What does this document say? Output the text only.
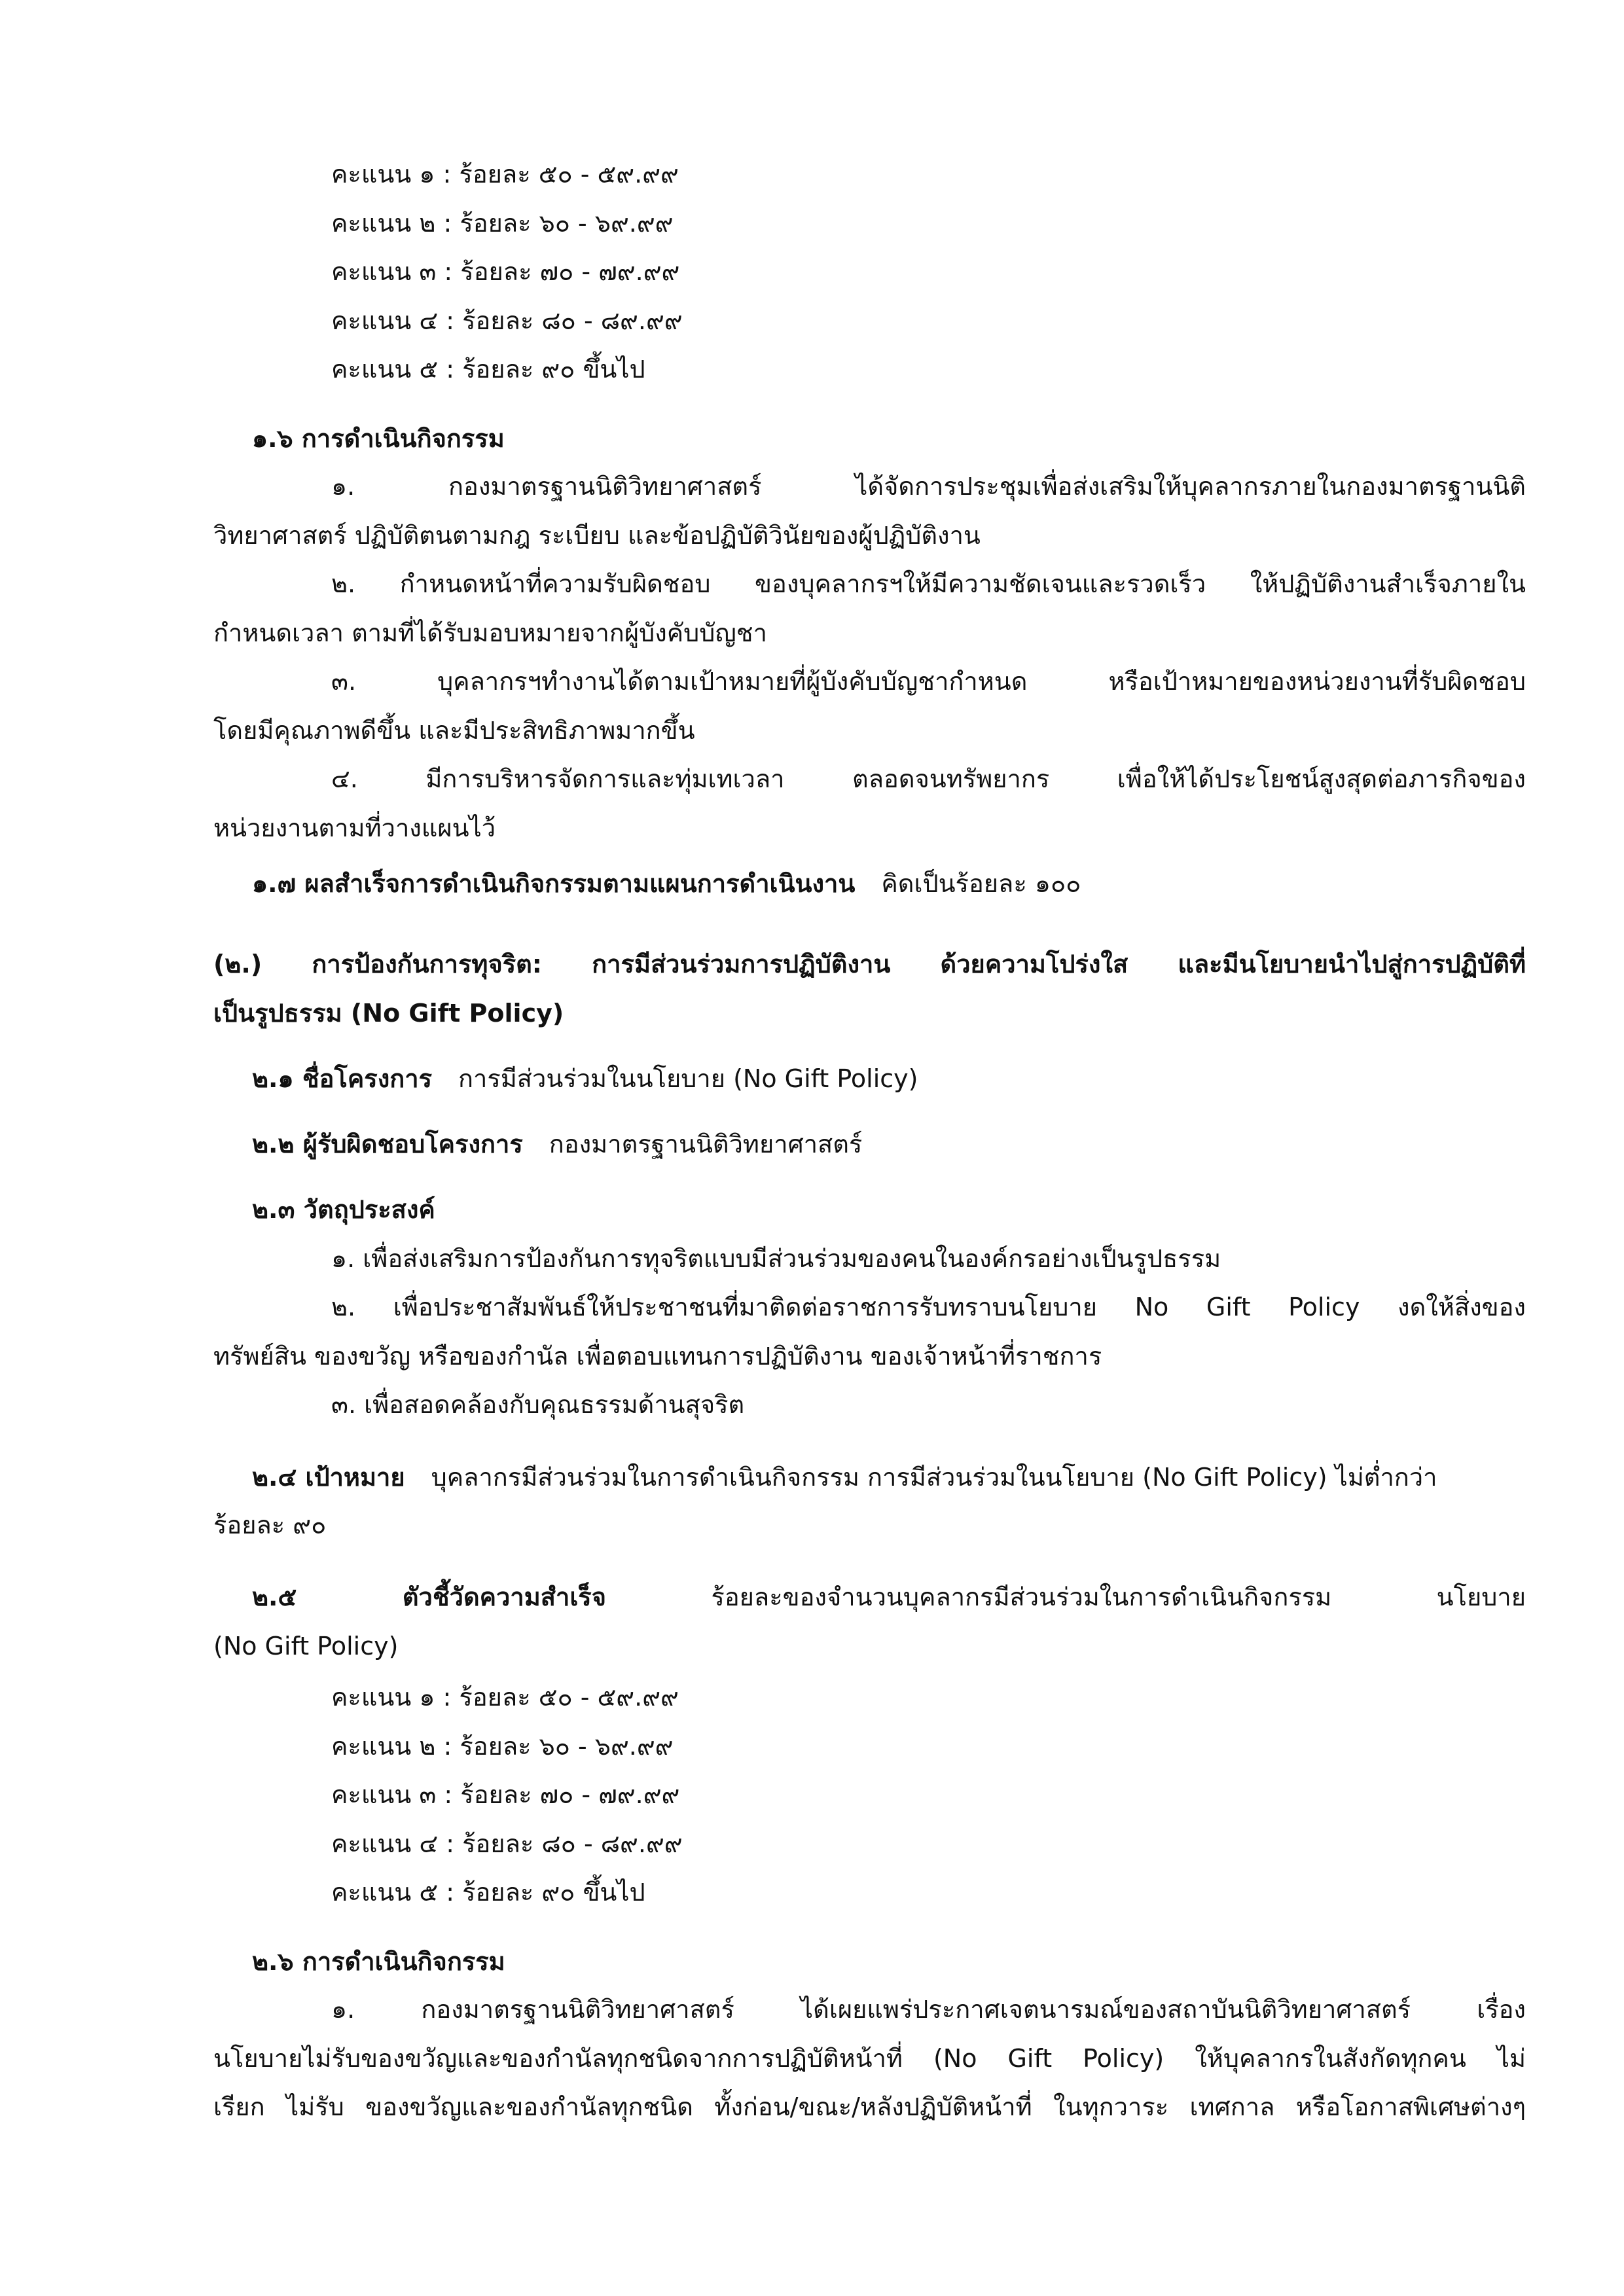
คะแนน ๑ : ร้อยละ ๕๐ - ๕๙.๙๙
คะแนน ๒ : ร้อยละ ๖๐ - ๖๙.๙๙
คะแนน ๓ : ร้อยละ ๗๐ - ๗๙.๙๙
คะแนน ๔ : ร้อยละ ๘๐ - ๘๙.๙๙
คะแนน ๕ : ร้อยละ ๙๐ ขึ้นไป
๑.๖ การดำเนินกิจกรรม
๑. กองมาตรฐานนิติวิทยาศาสตร์ ได้จัดการประชุมเพื่อส่งเสริมให้บุคลากรภายในกองมาตรฐานนิติ
วิทยาศาสตร์ ปฏิบัติตนตามกฎ ระเบียบ และข้อปฏิบัติวินัยของผู้ปฏิบัติงาน
๒. กำหนดหน้าที่ความรับผิดชอบ ของบุคลากรฯให้มีความชัดเจนและรวดเร็ว ให้ปฏิบัติงานสำเร็จภายใน
กำหนดเวลา ตามที่ได้รับมอบหมายจากผู้บังคับบัญชา
๓. บุคลากรฯทำงานได้ตามเป้าหมายที่ผู้บังคับบัญชากำหนด หรือเป้าหมายของหน่วยงานที่รับผิดชอบ
โดยมีคุณภาพดีขึ้น และมีประสิทธิภาพมากขึ้น
๔. มีการบริหารจัดการและทุ่มเทเวลา ตลอดจนทรัพยากร เพื่อให้ได้ประโยชน์สูงสุดต่อภารกิจของ
หน่วยงานตามที่วางแผนไว้
๑.๗ ผลสำเร็จการดำเนินกิจกรรมตามแผนการดำเนินงาน คิดเป็นร้อยละ ๑๐๐
(๒.) การป้องกันการทุจริต: การมีส่วนร่วมการปฏิบัติงาน ด้วยความโปร่งใส และมีนโยบายนำไปสู่การปฏิบัติที่
เป็นรูปธรรม (No Gift Policy)
๒.๑ ชื่อโครงการ การมีส่วนร่วมในนโยบาย (No Gift Policy)
๒.๒ ผู้รับผิดชอบโครงการ กองมาตรฐานนิติวิทยาศาสตร์
๒.๓ วัตถุประสงค์
๑. เพื่อส่งเสริมการป้องกันการทุจริตแบบมีส่วนร่วมของคนในองค์กรอย่างเป็นรูปธรรม
๒. เพื่อประชาสัมพันธ์ให้ประชาชนที่มาติดต่อราชการรับทราบนโยบาย No Gift Policy งดให้สิ่งของ
ทรัพย์สิน ของขวัญ หรือของกำนัล เพื่อตอบแทนการปฏิบัติงาน ของเจ้าหน้าที่ราชการ
๓. เพื่อสอดคล้องกับคุณธรรมด้านสุจริต
๒.๔ เป้าหมาย บุคลากรมีส่วนร่วมในการดำเนินกิจกรรม การมีส่วนร่วมในนโยบาย (No Gift Policy) ไม่ต่ำกว่า
ร้อยละ ๙๐
๒.๕ ตัวชี้วัดความสำเร็จ	ร้อยละของจำนวนบุคลากรมีส่วนร่วมในการดำเนินกิจกรรม นโยบาย
(No Gift Policy)
คะแนน ๑ : ร้อยละ ๕๐ - ๕๙.๙๙
คะแนน ๒ : ร้อยละ ๖๐ - ๖๙.๙๙
คะแนน ๓ : ร้อยละ ๗๐ - ๗๙.๙๙
คะแนน ๔ : ร้อยละ ๘๐ - ๘๙.๙๙
คะแนน ๕ : ร้อยละ ๙๐ ขึ้นไป
๒.๖ การดำเนินกิจกรรม
๑. กองมาตรฐานนิติวิทยาศาสตร์ ได้เผยแพร่ประกาศเจตนารมณ์ของสถาบันนิติวิทยาศาสตร์ เรื่อง
นโยบายไม่รับของขวัญและของกำนัลทุกชนิดจากการปฏิบัติหน้าที่ (No Gift Policy) ให้บุคลากรในสังกัดทุกคน ไม่
เรียก ไม่รับ ของขวัญและของกำนัลทุกชนิด ทั้งก่อน/ขณะ/หลังปฏิบัติหน้าที่ ในทุกวาระ เทศกาล หรือโอกาสพิเศษต่างๆ
